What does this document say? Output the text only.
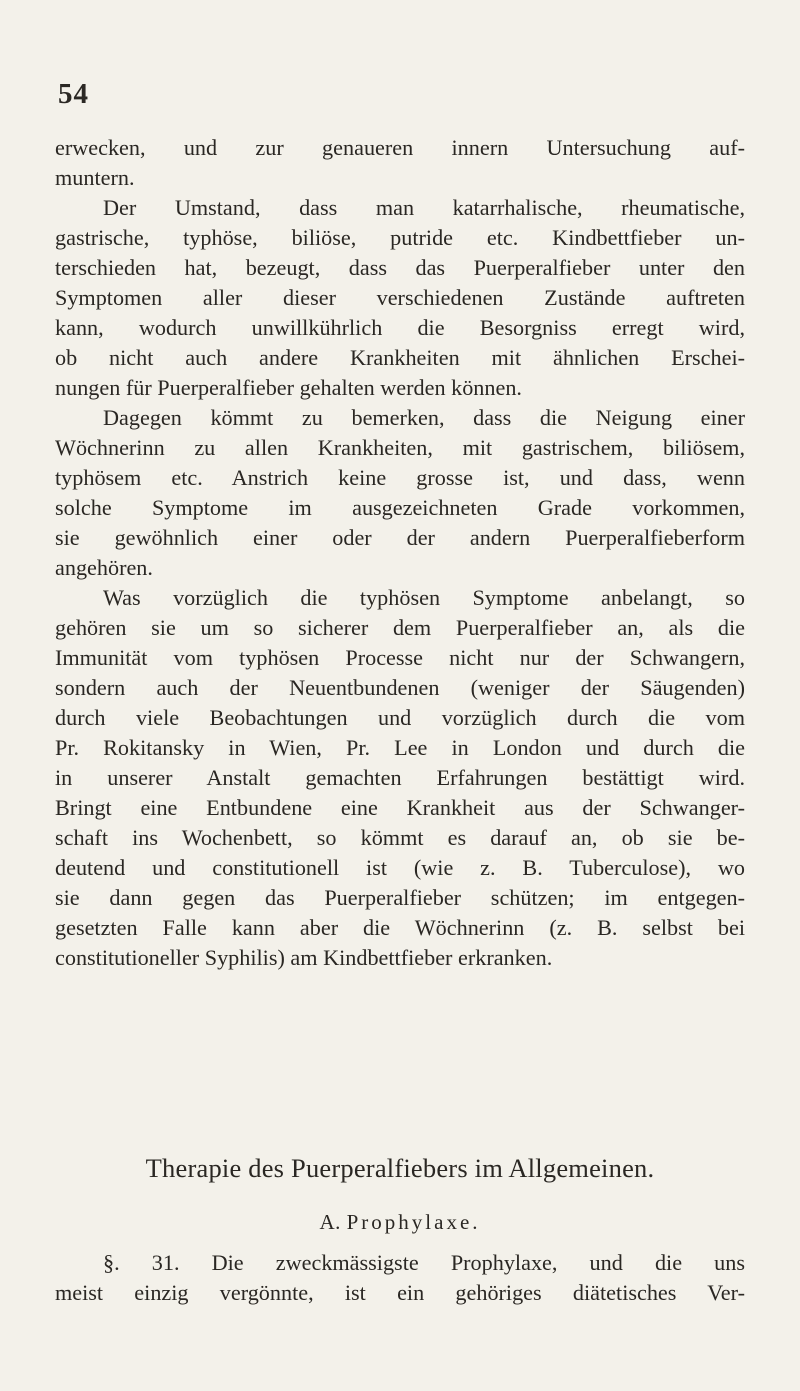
54
erwecken, und zur genaueren innern Untersuchung auf-
muntern.
Der Umstand, dass man katarrhalische, rheumatische,
gastrische, typhöse, biliöse, putride etc. Kindbettfieber un-
terschieden hat, bezeugt, dass das Puerperalfieber unter den
Symptomen aller dieser verschiedenen Zustände auftreten
kann, wodurch unwillkührlich die Besorgniss erregt wird,
ob nicht auch andere Krankheiten mit ähnlichen Erschei-
nungen für Puerperalfieber gehalten werden können.
Dagegen kömmt zu bemerken, dass die Neigung einer
Wöchnerinn zu allen Krankheiten, mit gastrischem, biliösem,
typhösem etc. Anstrich keine grosse ist, und dass, wenn
solche Symptome im ausgezeichneten Grade vorkommen,
sie gewöhnlich einer oder der andern Puerperalfieberform
angehören.
Was vorzüglich die typhösen Symptome anbelangt, so
gehören sie um so sicherer dem Puerperalfieber an, als die
Immunität vom typhösen Processe nicht nur der Schwangern,
sondern auch der Neuentbundenen (weniger der Säugenden)
durch viele Beobachtungen und vorzüglich durch die vom
Pr. Rokitansky in Wien, Pr. Lee in London und durch die
in unserer Anstalt gemachten Erfahrungen bestättigt wird.
Bringt eine Entbundene eine Krankheit aus der Schwanger-
schaft ins Wochenbett, so kömmt es darauf an, ob sie be-
deutend und constitutionell ist (wie z. B. Tuberculose), wo
sie dann gegen das Puerperalfieber schützen; im entgegen-
gesetzten Falle kann aber die Wöchnerinn (z. B. selbst bei
constitutioneller Syphilis) am Kindbettfieber erkranken.
Therapie des Puerperalfiebers im Allgemeinen.
A. Prophylaxe.
§. 31. Die zweckmässigste Prophylaxe, und die uns
meist einzig vergönnte, ist ein gehöriges diätetisches Ver-
